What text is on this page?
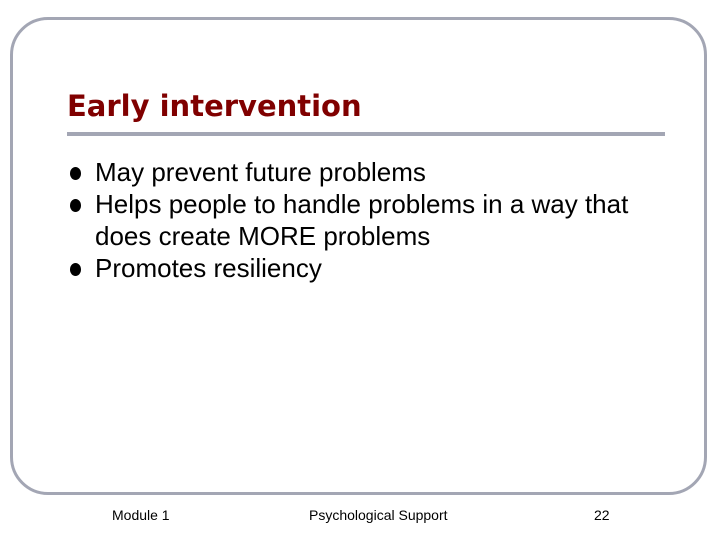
Early intervention
May prevent future problems
Helps people to handle problems in a way that does create MORE problems
Promotes resiliency
Module 1	Psychological Support	22
